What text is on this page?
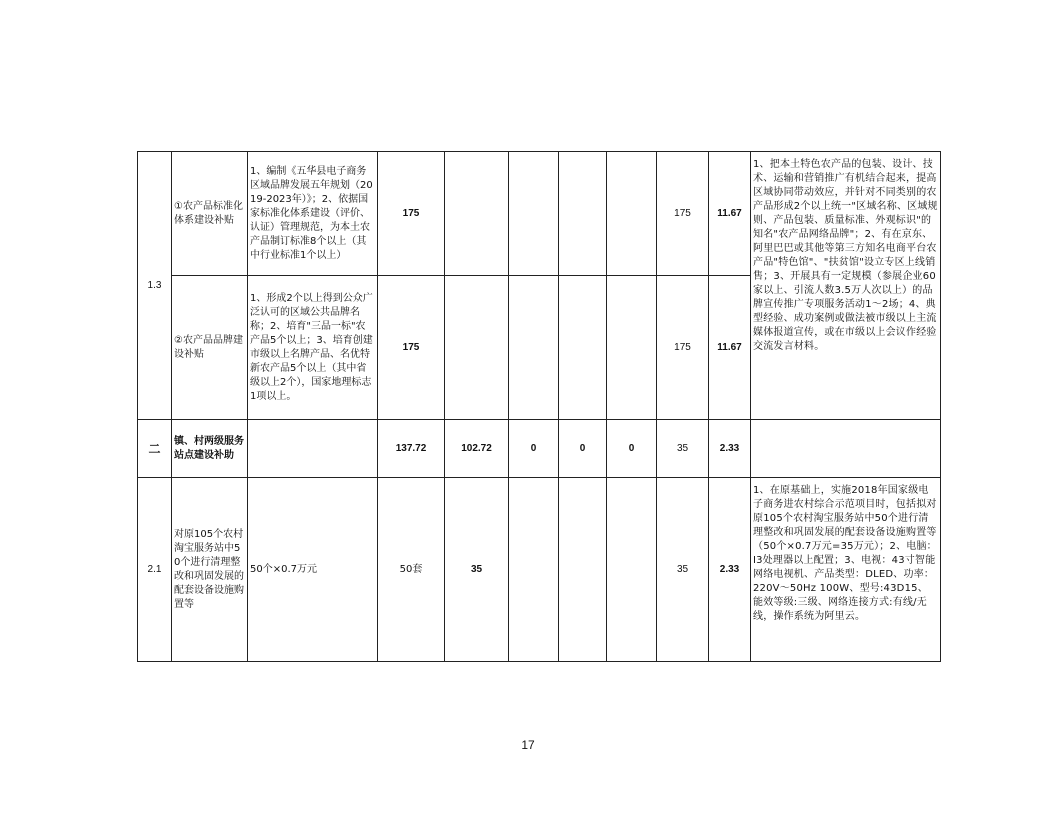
1.3	①农产品标准化体系建设补贴	1、编制《五华县电子商务区域品牌发展五年规划（2019-2023年）》；2、依据国家标准化体系建设（评价、认证）管理规范，为本土农产品制订标准8个以上（其中行业标准1个以上）	175					175	11.67	1、把本土特色农产品的包装、设计、技术、运输和营销推广有机结合起来，提高区域协同带动效应，并针对不同类别的农产品形成2个以上统一"区域名称、区域规则、产品包装、质量标准、外观标识"的知名"农产品网络品牌"；2、有在京东、阿里巴巴或其他等第三方知名电商平台农产品"特色馆"、"扶贫馆"设立专区上线销售；3、开展具有一定规模（参展企业60家以上、引流人数3.5万人次以上）的品牌宣传推广专项服务活动1～2场；4、典型经验、成功案例或做法被市级以上主流媒体报道宣传，或在市级以上会议作经验交流发言材料。
	②农产品品牌建设补贴	1、形成2个以上得到公众广泛认可的区域公共品牌名称；2、培育"三品一标"农产品5个以上；3、培育创建市级以上名牌产品、名优特新农产品5个以上（其中省级以上2个），国家地理标志1项以上。	175					175	11.67	
二	镇、村两级服务站点建设补助		137.72	102.72	0	0	0	35	2.33	
2.1	对原105个农村淘宝服务站中50个进行清理整改和巩固发展的配套设备设施购置等	50个×0.7万元	50套	35				35	2.33	1、在原基础上，实施2018年国家级电子商务进农村综合示范项目时，包括拟对原105个农村淘宝服务站中50个进行清理整改和巩固发展的配套设备设施购置等（50个×0.7万元=35万元）；2、电脑：I3处理器以上配置；3、电视：43寸智能网络电视机、产品类型：DLED、功率：220V～50Hz 100W、型号:43D15、能效等级:三级、网络连接方式:有线/无线，操作系统为阿里云。
17
